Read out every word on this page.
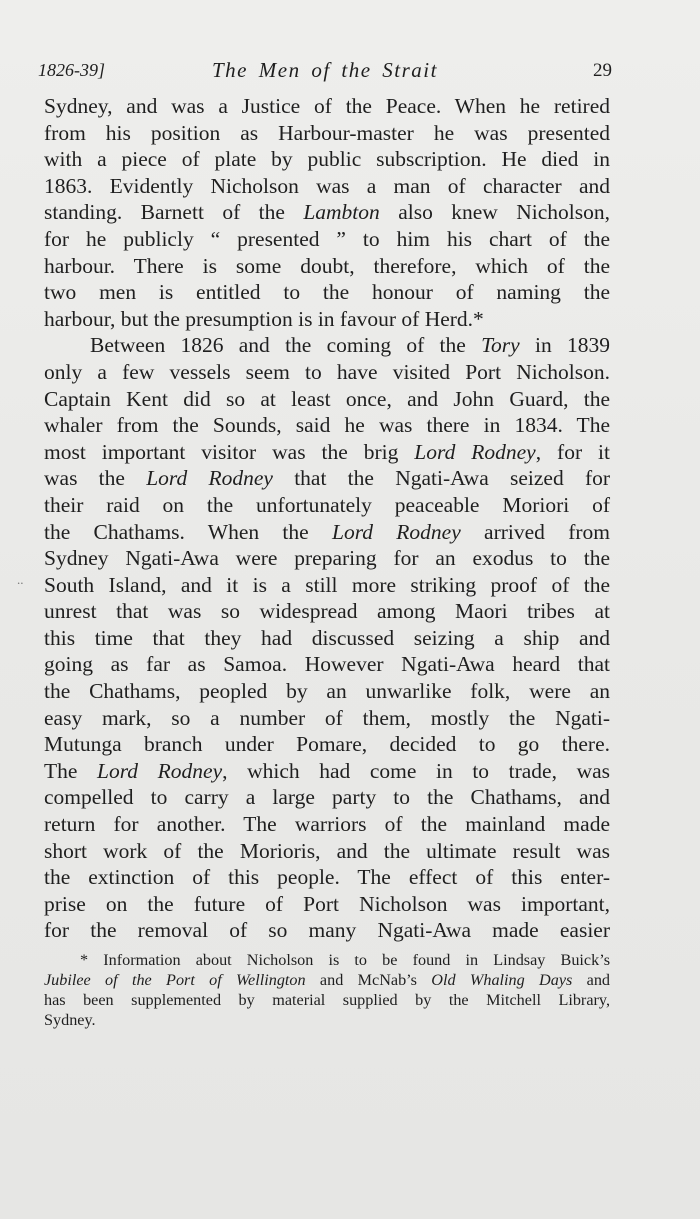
1826-39]	The Men of the Strait	29
..
Sydney, and was a Justice of the Peace. When he retired
from his position as Harbour-master he was presented
with a piece of plate by public subscription. He died in
1863. Evidently Nicholson was a man of character and
standing. Barnett of the Lambton also knew Nicholson,
for he publicly “ presented ” to him his chart of the
harbour. There is some doubt, therefore, which of the
two men is entitled to the honour of naming the
harbour, but the presumption is in favour of Herd.*
Between 1826 and the coming of the Tory in 1839
only a few vessels seem to have visited Port Nicholson.
Captain Kent did so at least once, and John Guard, the
whaler from the Sounds, said he was there in 1834. The
most important visitor was the brig Lord Rodney, for it
was the Lord Rodney that the Ngati-Awa seized for
their raid on the unfortunately peaceable Moriori of
the Chathams. When the Lord Rodney arrived from
Sydney Ngati-Awa were preparing for an exodus to the
South Island, and it is a still more striking proof of the
unrest that was so widespread among Maori tribes at
this time that they had discussed seizing a ship and
going as far as Samoa. However Ngati-Awa heard that
the Chathams, peopled by an unwarlike folk, were an
easy mark, so a number of them, mostly the Ngati-
Mutunga branch under Pomare, decided to go there.
The Lord Rodney, which had come in to trade, was
compelled to carry a large party to the Chathams, and
return for another. The warriors of the mainland made
short work of the Morioris, and the ultimate result was
the extinction of this people. The effect of this enter-
prise on the future of Port Nicholson was important,
for the removal of so many Ngati-Awa made easier
* Information about Nicholson is to be found in Lindsay Buick’s
Jubilee of the Port of Wellington and McNab’s Old Whaling Days and
has been supplemented by material supplied by the Mitchell Library,
Sydney.
